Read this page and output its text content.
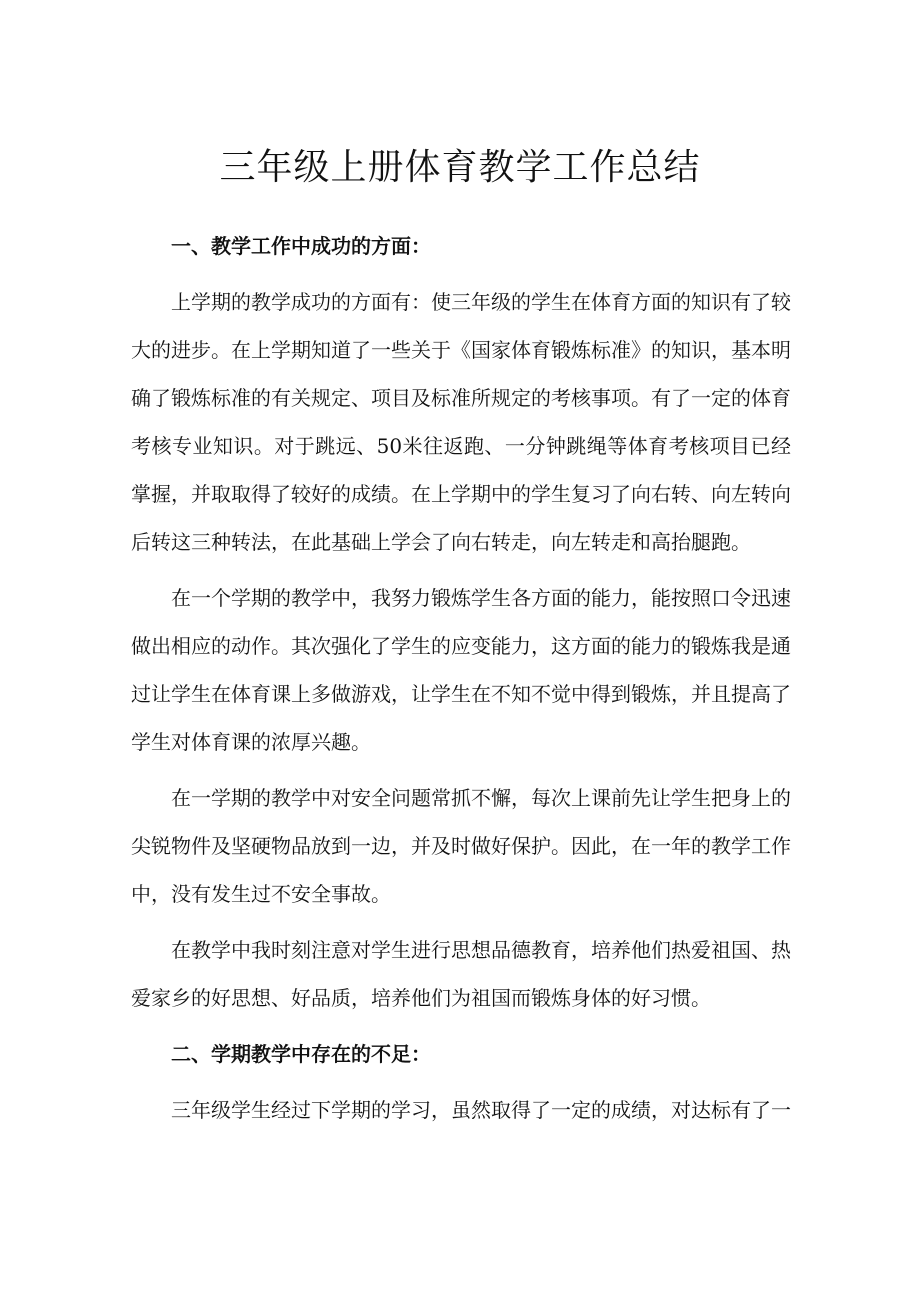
三年级上册体育教学工作总结
一、教学工作中成功的方面：

上学期的教学成功的方面有：使三年级的学生在体育方面的知识有了较大的进步。在上学期知道了一些关于《国家体育锻炼标准》的知识，基本明确了锻炼标准的有关规定、项目及标准所规定的考核事项。有了一定的体育考核专业知识。对于跳远、50米往返跑、一分钟跳绳等体育考核项目已经掌握，并取取得了较好的成绩。在上学期中的学生复习了向右转、向左转向后转这三种转法，在此基础上学会了向右转走，向左转走和高抬腿跑。

在一个学期的教学中，我努力锻炼学生各方面的能力，能按照口令迅速做出相应的动作。其次强化了学生的应变能力，这方面的能力的锻炼我是通过让学生在体育课上多做游戏，让学生在不知不觉中得到锻炼，并且提高了学生对体育课的浓厚兴趣。

在一学期的教学中对安全问题常抓不懈，每次上课前先让学生把身上的尖锐物件及坚硬物品放到一边，并及时做好保护。因此，在一年的教学工作中，没有发生过不安全事故。

在教学中我时刻注意对学生进行思想品德教育，培养他们热爱祖国、热爱家乡的好思想、好品质，培养他们为祖国而锻炼身体的好习惯。

二、学期教学中存在的不足：

三年级学生经过下学期的学习，虽然取得了一定的成绩，对达标有了一
